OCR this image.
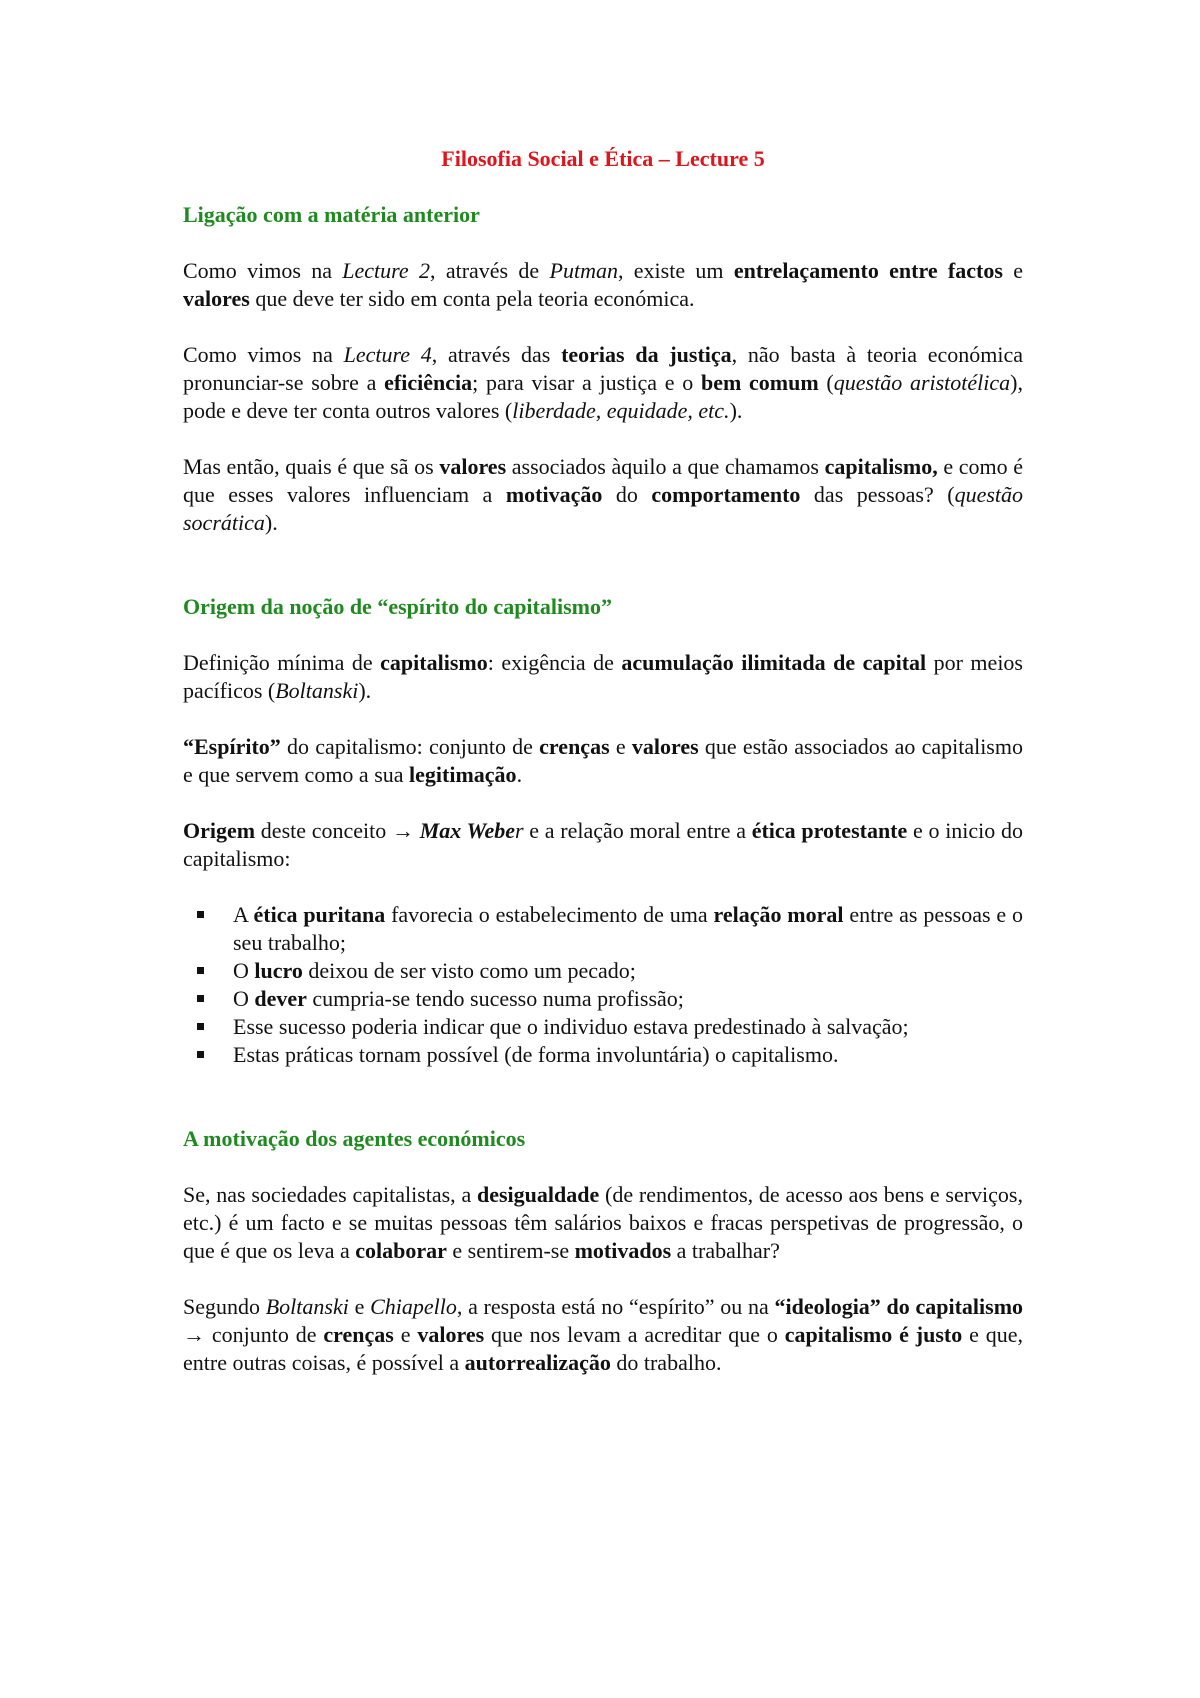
Filosofia Social e Ética – Lecture 5
Ligação com a matéria anterior

Como vimos na Lecture 2, através de Putman, existe um entrelaçamento entre factos e valores que deve ter sido em conta pela teoria económica.

Como vimos na Lecture 4, através das teorias da justiça, não basta à teoria económica pronunciar-se sobre a eficiência; para visar a justiça e o bem comum (questão aristotélica), pode e deve ter conta outros valores (liberdade, equidade, etc.).

Mas então, quais é que sã os valores associados àquilo a que chamamos capitalismo, e como é que esses valores influenciam a motivação do comportamento das pessoas? (questão socrática).

Origem da noção de “espírito do capitalismo”

Definição mínima de capitalismo: exigência de acumulação ilimitada de capital por meios pacíficos (Boltanski).

“Espírito” do capitalismo: conjunto de crenças e valores que estão associados ao capitalismo e que servem como a sua legitimação.

Origem deste conceito → Max Weber e a relação moral entre a ética protestante e o inicio do capitalismo:

A ética puritana favorecia o estabelecimento de uma relação moral entre as pessoas e o seu trabalho;
O lucro deixou de ser visto como um pecado;
O dever cumpria-se tendo sucesso numa profissão;
Esse sucesso poderia indicar que o individuo estava predestinado à salvação;
Estas práticas tornam possível (de forma involuntária) o capitalismo.
A motivação dos agentes económicos

Se, nas sociedades capitalistas, a desigualdade (de rendimentos, de acesso aos bens e serviços, etc.) é um facto e se muitas pessoas têm salários baixos e fracas perspetivas de progressão, o que é que os leva a colaborar e sentirem-se motivados a trabalhar?

Segundo Boltanski e Chiapello, a resposta está no “espírito” ou na “ideologia” do capitalismo → conjunto de crenças e valores que nos levam a acreditar que o capitalismo é justo e que, entre outras coisas, é possível a autorrealização do trabalho.
